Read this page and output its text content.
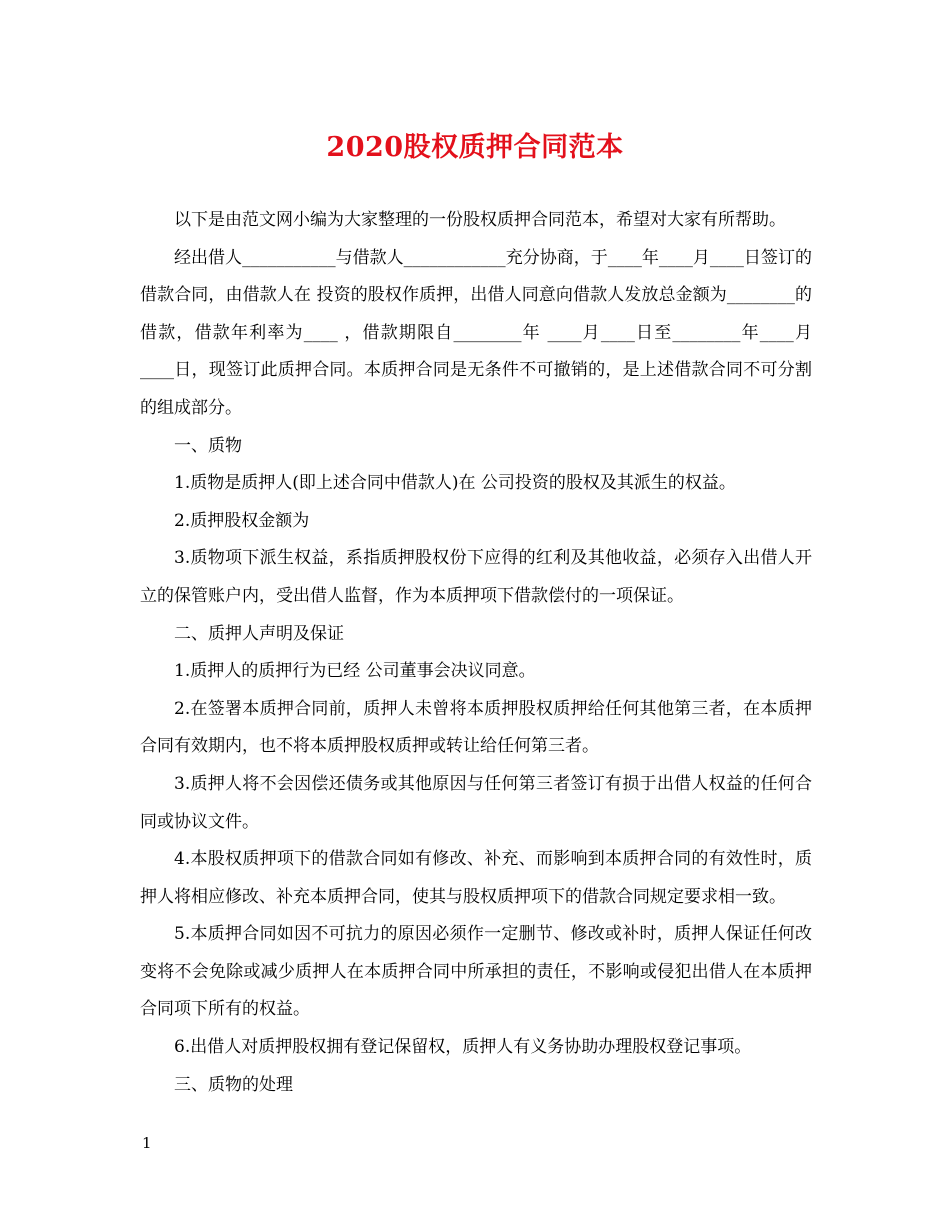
2020股权质押合同范本

以下是由范文网小编为大家整理的一份股权质押合同范本，希望对大家有所帮助。

经出借人___________与借款人____________充分协商，于____年____月____日签订的借款合同，由借款人在 投资的股权作质押，出借人同意向借款人发放总金额为________的借款，借款年利率为____ ，借款期限自________年 ____月____日至________年____月____日，现签订此质押合同。本质押合同是无条件不可撤销的，是上述借款合同不可分割的组成部分。

一、质物

1.质物是质押人(即上述合同中借款人)在 公司投资的股权及其派生的权益。

2.质押股权金额为

3.质物项下派生权益，系指质押股权份下应得的红利及其他收益，必须存入出借人开立的保管账户内，受出借人监督，作为本质押项下借款偿付的一项保证。

二、质押人声明及保证

1.质押人的质押行为已经 公司董事会决议同意。

2.在签署本质押合同前，质押人未曾将本质押股权质押给任何其他第三者，在本质押合同有效期内，也不将本质押股权质押或转让给任何第三者。

3.质押人将不会因偿还债务或其他原因与任何第三者签订有损于出借人权益的任何合同或协议文件。

4.本股权质押项下的借款合同如有修改、补充、而影响到本质押合同的有效性时，质押人将相应修改、补充本质押合同，使其与股权质押项下的借款合同规定要求相一致。

5.本质押合同如因不可抗力的原因必须作一定删节、修改或补时，质押人保证任何改变将不会免除或减少质押人在本质押合同中所承担的责任，不影响或侵犯出借人在本质押合同项下所有的权益。

6.出借人对质押股权拥有登记保留权，质押人有义务协助办理股权登记事项。

三、质物的处理

1
